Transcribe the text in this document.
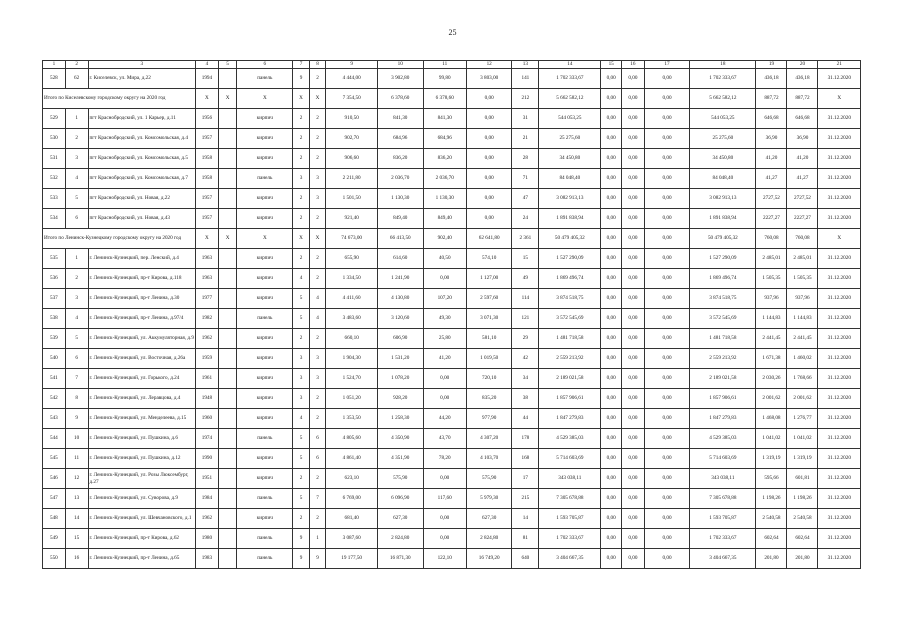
25
1	2	3	4	5	6	7	8	9	10	11	12	13	14	15	16	17	18	19	20	21
528	62	г. Киселевск, ул. Мира, д.22	1994		панель	9	2	4 444,00	3 902,80	99,80	3 803,00	141	1 702 333,67	0,00	0,00	0,00	1 702 333,67	436,18	436,18	31.12.2020
Итого по Киселевскому городскому округу на 2020 год			X	X	X	X	X	7 354,50	6 378,60	6 378,60	0,00	212	5 662 582,12	0,00	0,00	0,00	5 662 582,12	887,72	887,72	X
529	1	пгт Краснобродский, ул. 1 Карьер, д.11	1956		кирпич	2	2	910,50	841,30	841,30	0,00	31	544 053,25	0,00	0,00	0,00	544 053,25	646,68	646,68	31.12.2020
530	2	пгт Краснобродский, ул. Комсомольская, д.4	1957		кирпич	2	2	902,70	684,96	684,96	0,00	21	25 275,60	0,00	0,00	0,00	25 275,60	36,90	36,90	31.12.2020
531	3	пгт Краснобродский, ул. Комсомольская, д.5	1958		кирпич	2	2	906,60	836,20	836,20	0,00	28	34 450,80	0,00	0,00	0,00	34 450,80	41,20	41,20	31.12.2020
532	4	пгт Краснобродский, ул. Комсомольская, д.7	1958		панель	3	3	2 211,80	2 036,70	2 036,70	0,00	71	84 048,40	0,00	0,00	0,00	84 048,40	41,27	41,27	31.12.2020
533	5	пгт Краснобродский, ул. Новая, д.22	1957		кирпич	2	3	1 501,50	1 130,30	1 130,30	0,00	47	3 082 913,13	0,00	0,00	0,00	3 082 913,13	2727,52	2727,52	31.12.2020
534	6	пгт Краснобродский, ул. Новая, д.43	1957		кирпич	2	2	921,40	849,40	849,40	0,00	24	1 891 838,94	0,00	0,00	0,00	1 891 838,94	2227,27	2227,27	31.12.2020
Итого по Ленинск-Кузнецкому городскому округу на 2020 год			X	X	X	X	X	74 673,00	66 413,50	902,40	62 641,80	2 361	50 479 405,32	0,00	0,00	0,00	50 479 405,32	760,08	760,08	X
535	1	г. Ленинск-Кузнецкий, пер. Ленский, д.4	1963		кирпич	2	2	655,90	614,60	40,50	574,10	15	1 527 290,09	0,00	0,00	0,00	1 527 290,09	2 485,01	2 485,01	31.12.2020
536	2	г. Ленинск-Кузнецкий, пр-т Кирова, д.118	1963		кирпич	4	2	1 334,50	1 241,90	0,00	1 127,00	49	1 869 496,74	0,00	0,00	0,00	1 869 496,74	1 505,35	1 505,35	31.12.2020
537	3	г. Ленинск-Кузнецкий, пр-т Ленина, д.30	1977		кирпич	5	4	4 411,60	4 130,80	107,20	2 597,60	114	3 874 518,75	0,00	0,00	0,00	3 874 518,75	937,96	937,96	31.12.2020
538	4	г. Ленинск-Кузнецкий, пр-т Ленина, д.97/4	1982		панель	5	4	3 483,60	3 120,60	49,30	3 071,30	121	3 572 545,69	0,00	0,00	0,00	3 572 545,69	1 144,83	1 144,83	31.12.2020
539	5	г. Ленинск-Кузнецкий, ул. Аккумуляторная, д.9	1962		кирпич	2	2	660,10	606,90	25,80	581,10	29	1 481 718,58	0,00	0,00	0,00	1 481 718,58	2 441,45	2 441,45	31.12.2020
540	6	г. Ленинск-Кузнецкий, ул. Восточная, д.26а	1959		кирпич	3	3	1 904,30	1 531,20	41,20	1 019,50	42	2 559 213,92	0,00	0,00	0,00	2 559 213,92	1 671,38	1 460,02	31.12.2020
541	7	г. Ленинск-Кузнецкий, ул. Горького, д.24	1961		кирпич	3	3	1 524,70	1 078,20	0,00	720,10	34	2 189 021,58	0,00	0,00	0,00	2 189 021,58	2 030,26	1 768,66	31.12.2020
542	8	г. Ленинск-Кузнецкий, ул. Леравцова, д.4	1948		кирпич	3	2	1 051,20	928,20	0,00	835,20	38	1 857 906,61	0,00	0,00	0,00	1 857 906,61	2 001,62	2 001,62	31.12.2020
543	9	г. Ленинск-Кузнецкий, ул. Менделеева, д.15	1960		кирпич	4	2	1 353,50	1 258,30	44,20	977,90	44	1 847 279,83	0,00	0,00	0,00	1 847 279,83	1 468,08	1 276,77	31.12.2020
544	10	г. Ленинск-Кузнецкий, ул. Пушкина, д.6	1974		панель	5	6	4 805,60	4 350,90	43,70	4 307,20	178	4 529 385,03	0,00	0,00	0,00	4 529 385,03	1 041,02	1 041,02	31.12.2020
545	11	г. Ленинск-Кузнецкий, ул. Пушкина, д.12	1990		кирпич	5	6	4 861,40	4 351,90	78,20	4 103,70	168	5 714 603,69	0,00	0,00	0,00	5 714 603,69	1 319,19	1 319,19	31.12.2020
546	12	г. Ленинск-Кузнецкий, ул. Розы Люксембург, д.27	1951		кирпич	2	2	623,10	575,90	0,00	575,90	17	343 038,11	0,00	0,00	0,00	343 038,11	595,66	601,81	31.12.2020
547	13	г. Ленинск-Кузнецкий, ул. Суворова, д.9	1984		панель	5	7	6 769,00	6 096,90	117,60	5 979,30	215	7 305 678,88	0,00	0,00	0,00	7 305 678,88	1 198,26	1 198,26	31.12.2020
548	14	г. Ленинск-Кузнецкий, ул. Шевчановского, д.1	1962		кирпич	2	2	681,40	627,30	0,00	627,30	14	1 593 705,87	0,00	0,00	0,00	1 593 705,87	2 540,58	2 540,58	31.12.2020
549	15	г. Ленинск-Кузнецкий, пр-т Кирова, д.62	1980		панель	9	1	3 087,60	2 824,80	0,00	2 824,80	81	1 702 333,67	0,00	0,00	0,00	1 702 333,67	602,64	602,64	31.12.2020
550	16	г. Ленинск-Кузнецкий, пр-т Ленина, д.65	1983		панель	9	9	19 177,50	16 871,30	122,10	16 749,20	640	3 404 667,35	0,00	0,00	0,00	3 404 667,35	201,80	201,80	31.12.2020
